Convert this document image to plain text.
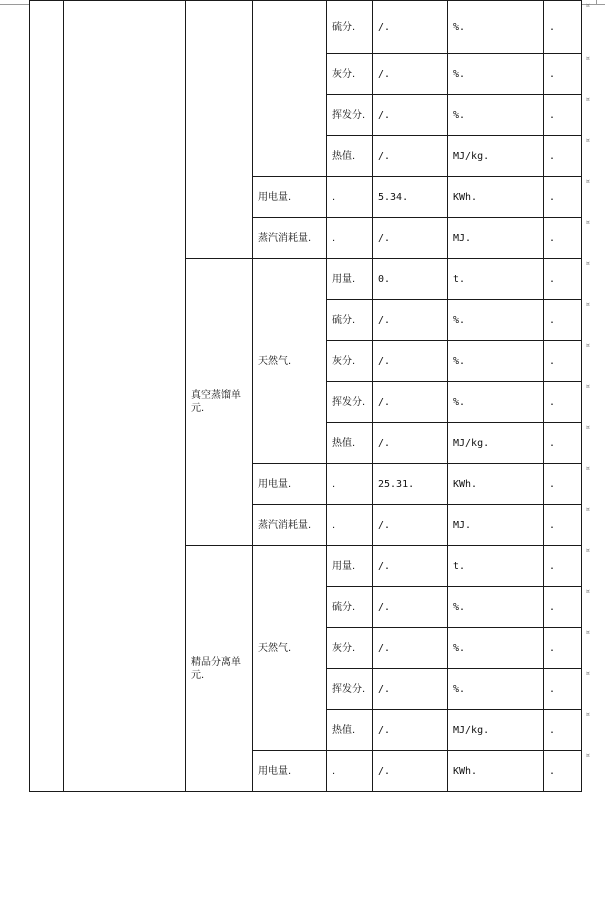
				硫分.	/.	%.	.
				灰分.	/.	%.	.
				挥发分.	/.	%.	.
				热值.	/.	MJ/kg.	.
			用电量.	.	5.34.	KWh.	.
			蒸汽消耗量.	.	/.	MJ.	.
		真空蒸馏单元.	天然气.	用量.	0.	t.	.
				硫分.	/.	%.	.
				灰分.	/.	%.	.
				挥发分.	/.	%.	.
				热值.	/.	MJ/kg.	.
			用电量.	.	25.31.	KWh.	.
			蒸汽消耗量.	.	/.	MJ.	.
		精品分离单元.	天然气.	用量.	/.	t.	.
				硫分.	/.	%.	.
				灰分.	/.	%.	.
				挥发分.	/.	%.	.
				热值.	/.	MJ/kg.	.
			用电量.	.	/.	KWh.	.
¤
¤
¤
¤
¤
¤
¤
¤
¤
¤
¤
¤
¤
¤
¤
¤
¤
¤
¤
